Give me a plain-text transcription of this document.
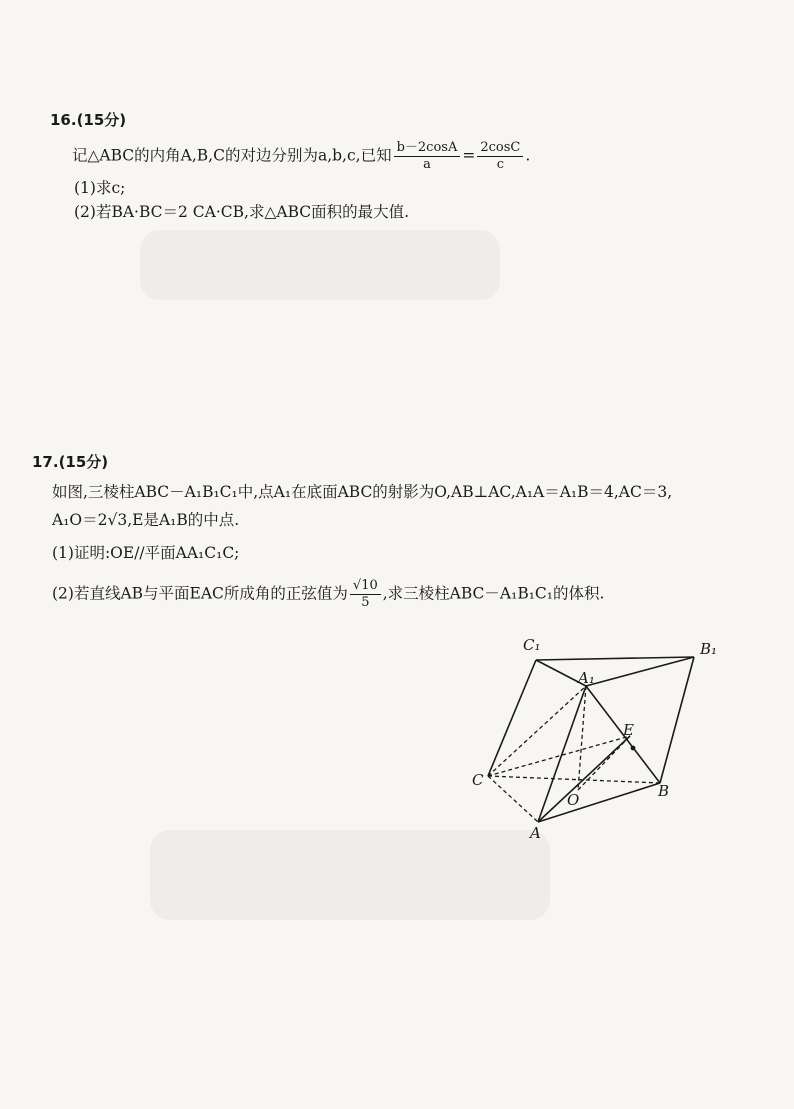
16.(15分)
记△ABC的内角A,B,C的对边分别为a,b,c,已知 $\frac{b-2\cos A}{a} = \frac{2\cos C}{c}$ .
(1)求c;
(2)若BA·BC＝2 CA·CB,求△ABC面积的最大值.
17.(15分)
如图,三棱柱ABC－A₁B₁C₁中,点A₁在底面ABC的射影为O,AB⊥AC,A₁A＝A₁B＝4,AC＝3,
A₁O＝2√3,E是A₁B的中点.
(1)证明:OE//平面AA₁C₁C;
(2)若直线AB与平面EAC所成角的正弦值为 $\frac{√10}{5}$ ,求三棱柱ABC－A₁B₁C₁的体积.
C₁	B₁
A₁
E
C
O	B
A
